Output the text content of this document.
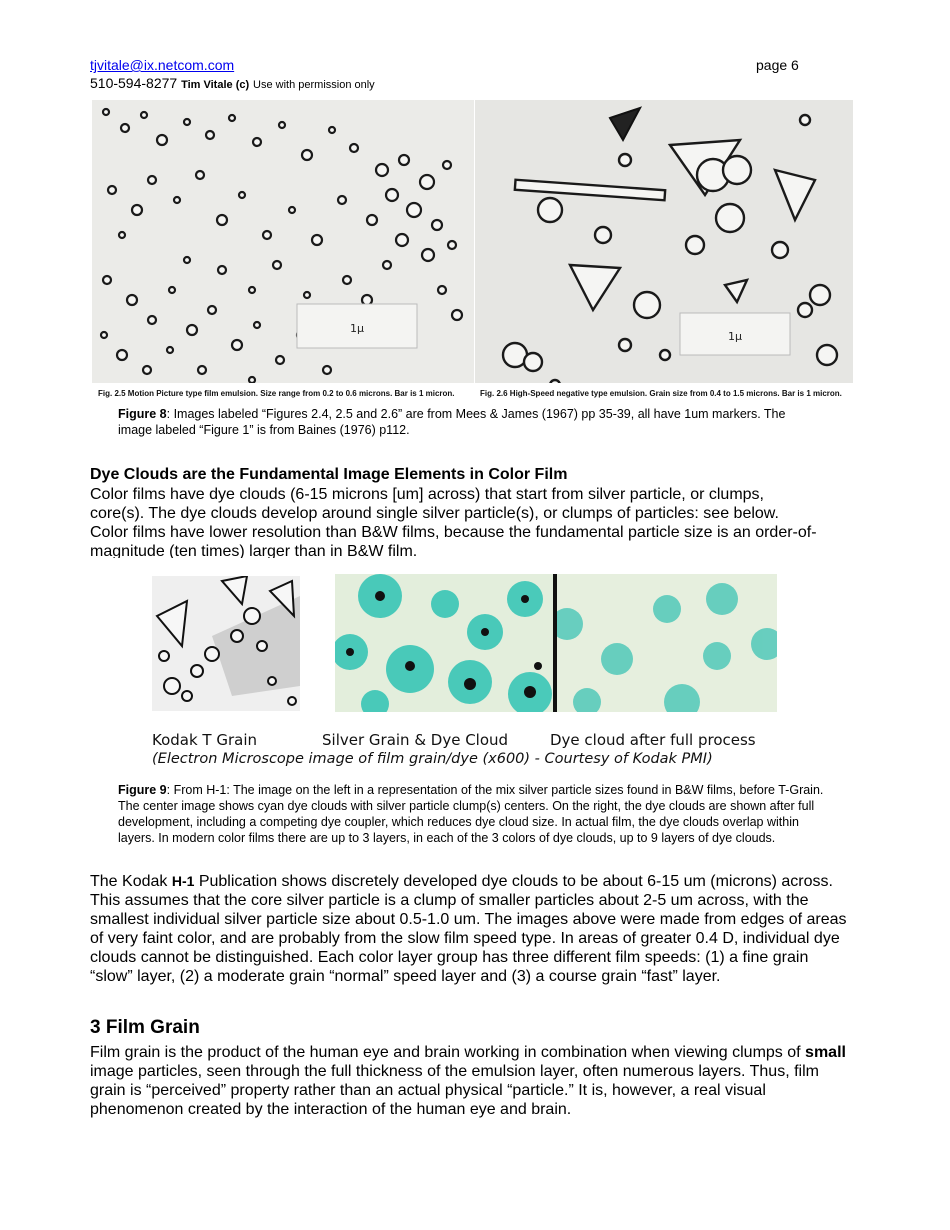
tjvitale@ix.netcom.com	page 6
510-594-8277 Tim Vitale (c) Use with permission only
1µ
Fig. 2.5 Motion Picture type film emulsion. Size range from 0.2 to 0.6 microns. Bar is 1 micron.
1µ
Fig. 2.6 High-Speed negative type emulsion. Grain size from 0.4 to 1.5 microns. Bar is 1 micron.
Figure 8: Images labeled “Figures 2.4, 2.5 and 2.6” are from Mees & James (1967) pp 35-39, all have 1um markers. The image labeled “Figure 1” is from Baines (1976) p112.
Dye Clouds are the Fundamental Image Elements in Color Film
Color films have dye clouds (6-15 microns [um] across) that start from silver particle, or clumps, core(s). The dye clouds develop around single silver particle(s), or clumps of particles: see below. Color films have lower resolution than B&W films, because the fundamental particle size is an order-of-magnitude (ten times) larger than in B&W film.
Kodak T Grain	Silver Grain & Dye Cloud	Dye cloud after full process
(Electron Microscope image of film grain/dye (x600) - Courtesy of Kodak PMI)
Figure 9: From H-1: The image on the left in a representation of the mix silver particle sizes found in B&W films, before T-Grain. The center image shows cyan dye clouds with silver particle clump(s) centers. On the right, the dye clouds are shown after full development, including a competing dye coupler, which reduces dye cloud size. In actual film, the dye clouds overlap within layers. In modern color films there are up to 3 layers, in each of the 3 colors of dye clouds, up to 9 layers of dye clouds.
The Kodak H-1 Publication shows discretely developed dye clouds to be about 6-15 um (microns) across. This assumes that the core silver particle is a clump of smaller particles about 2-5 um across, with the smallest individual silver particle size about 0.5-1.0 um. The images above were made from edges of areas of very faint color, and are probably from the slow film speed type. In areas of greater 0.4 D, individual dye clouds cannot be distinguished. Each color layer group has three different film speeds: (1) a fine grain “slow” layer, (2) a moderate grain “normal” speed layer and (3) a course grain “fast” layer.
3 Film Grain
Film grain is the product of the human eye and brain working in combination when viewing clumps of small image particles, seen through the full thickness of the emulsion layer, often numerous layers. Thus, film grain is “perceived” property rather than an actual physical “particle.” It is, however, a real visual phenomenon created by the interaction of the human eye and brain.
